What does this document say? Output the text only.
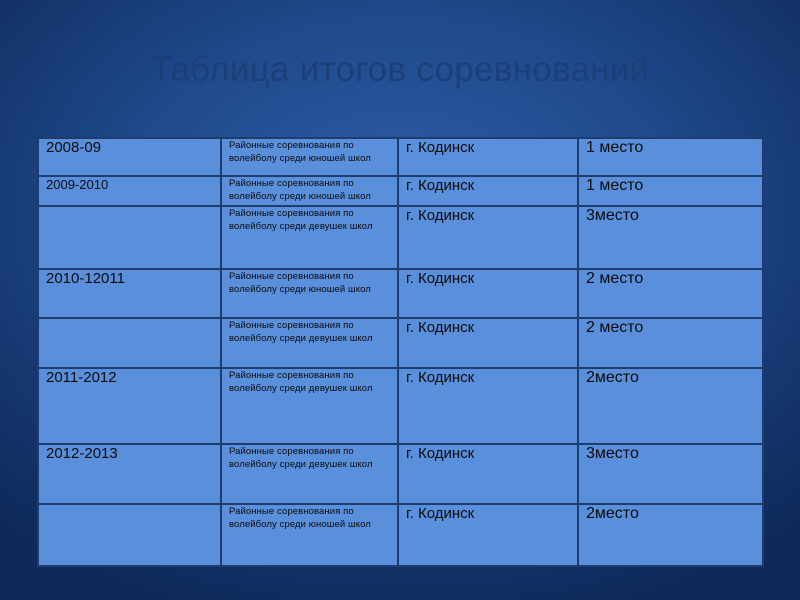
Таблица итогов соревнований
2008-09	Районные соревнования по волейболу среди юношей школ	г. Кодинск	1 место
2009-2010	Районные соревнования по волейболу среди юношей школ	г. Кодинск	1 место
	Районные соревнования по волейболу среди девушек школ	г. Кодинск	3место
2010-12011	Районные соревнования по волейболу среди юношей школ	г. Кодинск	2 место
	Районные соревнования по волейболу среди девушек школ	г. Кодинск	2 место
2011-2012	Районные соревнования по волейболу среди девушек школ	г. Кодинск	2место
2012-2013	Районные соревнования по волейболу среди девушек школ	г. Кодинск	3место
	Районные соревнования по волейболу среди юношей школ	г. Кодинск	2место
